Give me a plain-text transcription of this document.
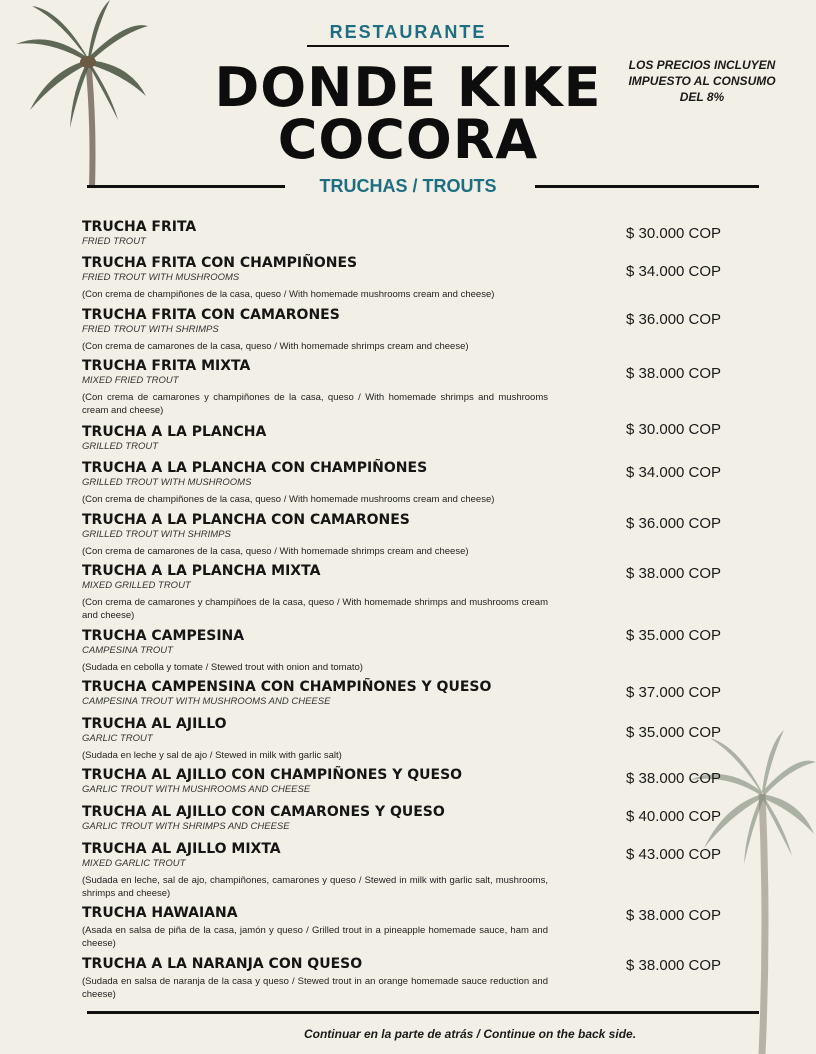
RESTAURANTE
DONDE KIKE
COCORA
LOS PRECIOS INCLUYEN IMPUESTO AL CONSUMO DEL 8%
TRUCHAS / TROUTS
TRUCHA FRITA
FRIED TROUT	$ 30.000 COP
TRUCHA FRITA CON CHAMPIÑONES
FRIED TROUT WITH MUSHROOMS
(Con crema de champiñones de la casa, queso / With homemade mushrooms cream and cheese)
$ 34.000 COP
TRUCHA FRITA CON CAMARONES
FRIED TROUT WITH SHRIMPS
(Con crema de camarones de la casa, queso / With homemade shrimps cream and cheese)
$ 36.000 COP
TRUCHA FRITA MIXTA
MIXED FRIED TROUT
(Con crema de camarones y champiñones de la casa, queso / With homemade shrimps and mushrooms cream and cheese)
$ 38.000 COP
TRUCHA A LA PLANCHA
GRILLED TROUT
$ 30.000 COP
TRUCHA A LA PLANCHA CON CHAMPIÑONES
GRILLED TROUT WITH MUSHROOMS
(Con crema de champiñones de la casa, queso / With homemade mushrooms cream and cheese)
$ 34.000 COP
TRUCHA A LA PLANCHA CON CAMARONES
GRILLED TROUT WITH SHRIMPS
(Con crema de camarones de la casa, queso / With homemade shrimps cream and cheese)
$ 36.000 COP
TRUCHA A LA PLANCHA MIXTA
MIXED GRILLED TROUT
(Con crema de camarones y champiñoes de la casa, queso / With homemade shrimps and mushrooms cream and cheese)
$ 38.000 COP
TRUCHA CAMPESINA
CAMPESINA TROUT
(Sudada en cebolla y tomate / Stewed trout with onion and tomato)
$ 35.000 COP
TRUCHA CAMPENSINA CON CHAMPIÑONES Y QUESO
CAMPESINA TROUT WITH MUSHROOMS AND CHEESE
$ 37.000 COP
TRUCHA AL AJILLO
GARLIC TROUT
(Sudada en leche y sal de ajo / Stewed in milk with garlic salt)
$ 35.000 COP
TRUCHA AL AJILLO CON CHAMPIÑONES Y QUESO
GARLIC TROUT WITH MUSHROOMS AND CHEESE
$ 38.000 COP
TRUCHA AL AJILLO CON CAMARONES Y QUESO
GARLIC TROUT WITH SHRIMPS AND CHEESE
$ 40.000 COP
TRUCHA AL AJILLO MIXTA
MIXED GARLIC TROUT
(Sudada en leche, sal de ajo, champiñones, camarones y queso / Stewed in milk with garlic salt, mushrooms, shrimps and cheese)
$ 43.000 COP
TRUCHA HAWAIANA
(Asada en salsa de piña de la casa, jamón y queso / Grilled trout in a pineapple homemade sauce, ham and cheese)
$ 38.000 COP
TRUCHA A LA NARANJA CON QUESO
(Sudada en salsa de naranja de la casa y queso / Stewed trout in an orange homemade sauce reduction and cheese)
$ 38.000 COP
Continuar en la parte de atrás / Continue on the back side.
